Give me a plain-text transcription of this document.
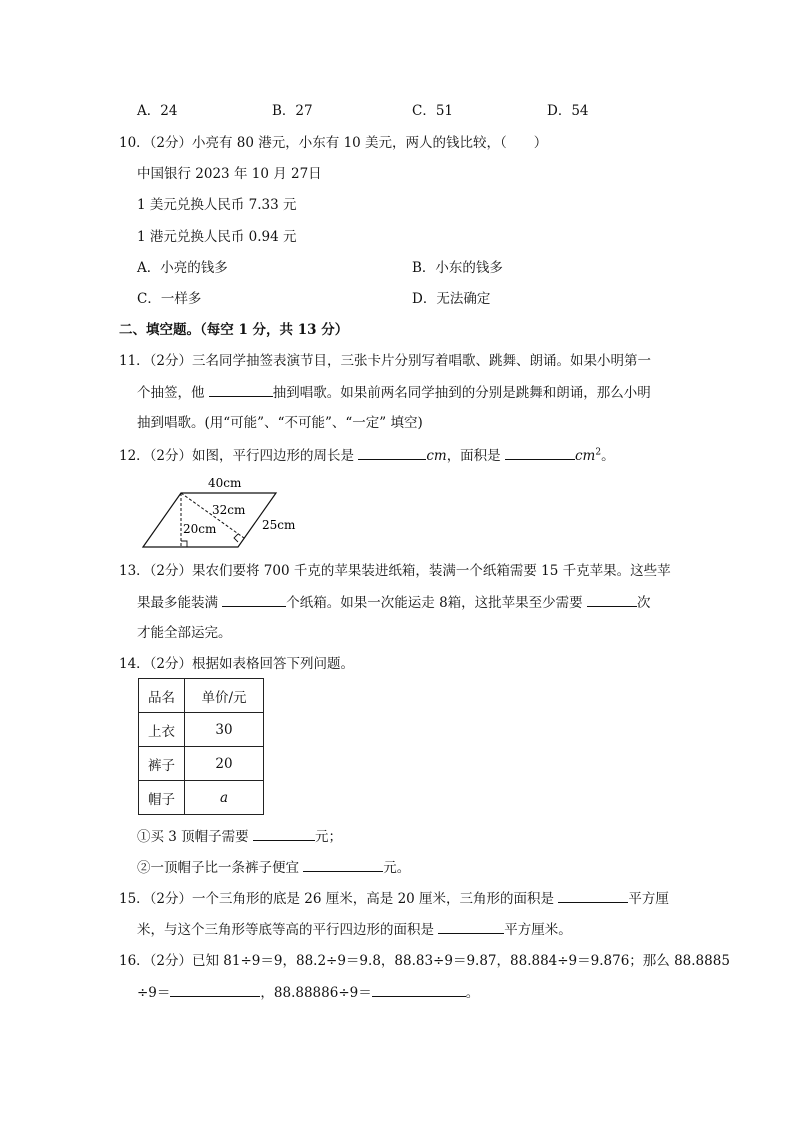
A．24	B．27	C．51	D．54
10．（2分）小亮有 80 港元，小东有 10 美元，两人的钱比较，（　　）
中国银行 2023 年 10 月 27日
1 美元兑换人民币 7.33 元
1 港元兑换人民币 0.94 元
A．小亮的钱多	B．小东的钱多
C．一样多	D．无法确定
二、填空题。（每空 1 分，共 13 分）
11．（2分）三名同学抽签表演节目，三张卡片分别写着唱歌、跳舞、朗诵。如果小明第一
个抽签，他	抽到唱歌。如果前两名同学抽到的分别是跳舞和朗诵，那么小明
抽到唱歌。(用“可能”、“不可能”、“一定” 填空)
12．（2分）如图，平行四边形的周长是	cm，面积是	$cm^2$。
40cm
32cm
20cm	25cm
13．（2分）果农们要将 700 千克的苹果装进纸箱，装满一个纸箱需要 15 千克苹果。这些苹
果最多能装满	个纸箱。如果一次能运走 8箱，这批苹果至少需要	次
才能全部运完。
14．（2分）根据如表格回答下列问题。
品名	单价/元
上衣	30
裤子	20
帽子	a
①买 3 顶帽子需要	元；
②一顶帽子比一条裤子便宜	元。
15．（2分）一个三角形的底是 26 厘米，高是 20 厘米，三角形的面积是	平方厘
米，与这个三角形等底等高的平行四边形的面积是	平方厘米。
16．（2分）已知 81÷9＝9，88.2÷9＝9.8，88.83÷9＝9.87，88.884÷9＝9.876；那么 88.8885
÷9＝	，88.88886÷9＝	。
